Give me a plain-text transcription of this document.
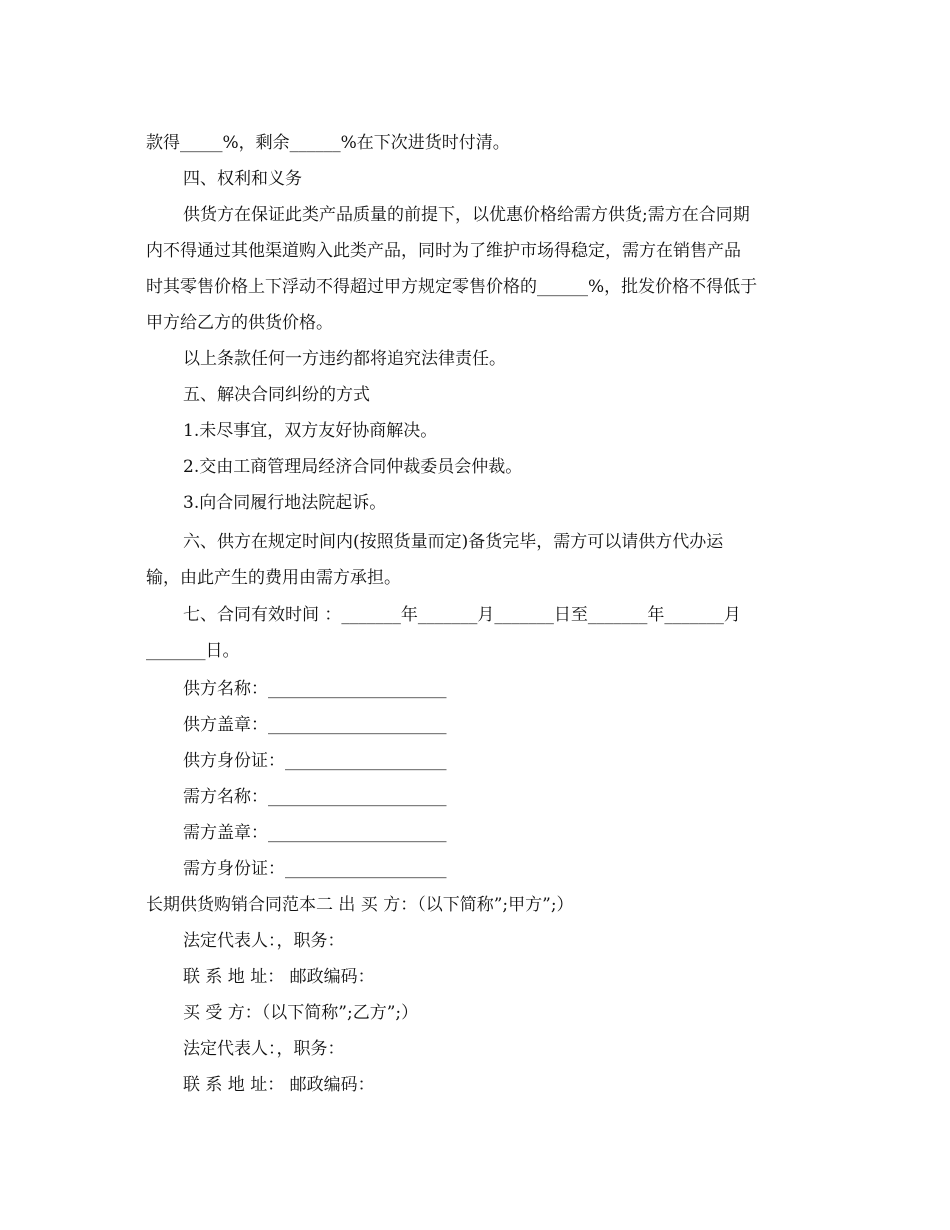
款得_____%，剩余______%在下次进货时付清。
四、权利和义务
供货方在保证此类产品质量的前提下，以优惠价格给需方供货;需方在合同期
内不得通过其他渠道购入此类产品，同时为了维护市场得稳定，需方在销售产品
时其零售价格上下浮动不得超过甲方规定零售价格的______%，批发价格不得低于
甲方给乙方的供货价格。
以上条款任何一方违约都将追究法律责任。
五、解决合同纠纷的方式
1.未尽事宜，双方友好协商解决。
2.交由工商管理局经济合同仲裁委员会仲裁。
3.向合同履行地法院起诉。
六、供方在规定时间内(按照货量而定)备货完毕，需方可以请供方代办运
输，由此产生的费用由需方承担。
七、合同有效时间 ：_______年_______月_______日至_______年_______月
_______日。
供方名称：_____________________
供方盖章：_____________________
供方身份证：___________________
需方名称：_____________________
需方盖章：_____________________
需方身份证：___________________
长期供货购销合同范本二 出 买 方：（以下简称”;甲方”;）
法定代表人：，职务：
联 系 地 址： 邮政编码：
买 受 方：（以下简称”;乙方”;）
法定代表人：，职务：
联 系 地 址： 邮政编码：
